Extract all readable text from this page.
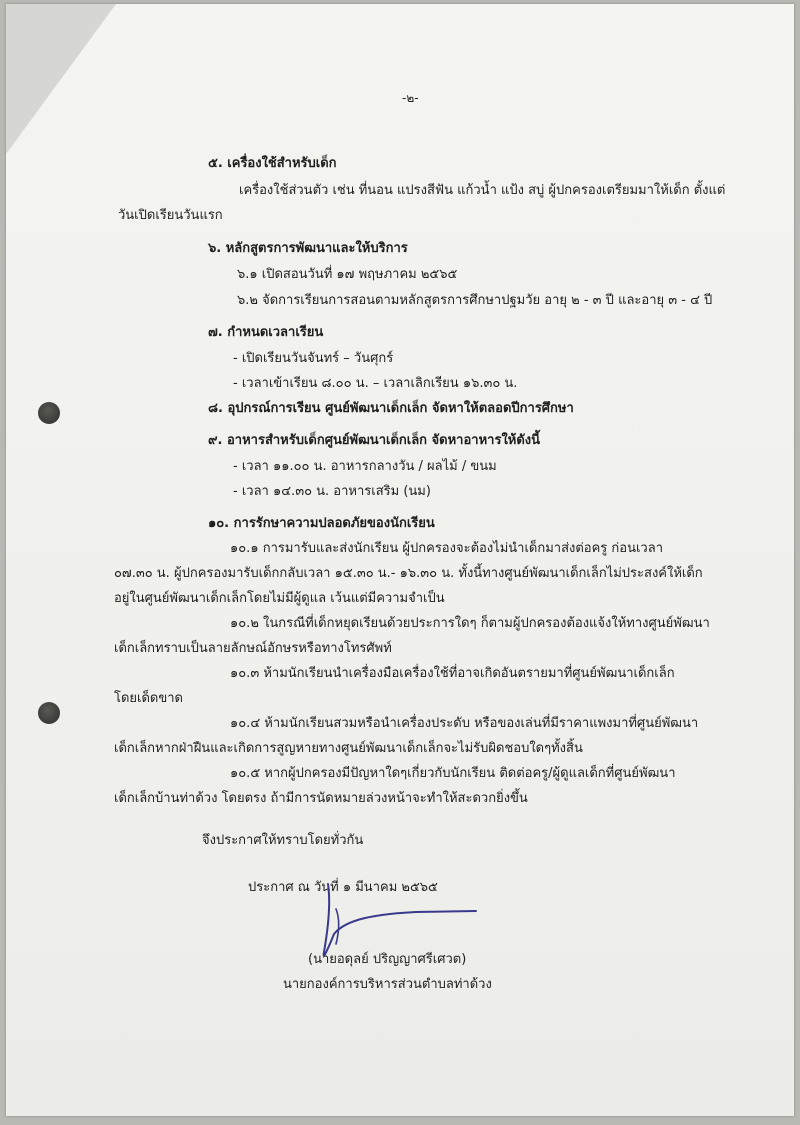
-๒-

๕. เครื่องใช้สำหรับเด็ก

เครื่องใช้ส่วนตัว เช่น ที่นอน แปรงสีฟัน แก้วน้ำ แป้ง สบู่ ผู้ปกครองเตรียมมาให้เด็ก ตั้งแต่

วันเปิดเรียนวันแรก

๖. หลักสูตรการพัฒนาและให้บริการ

๖.๑ เปิดสอนวันที่ ๑๗ พฤษภาคม ๒๕๖๕

๖.๒ จัดการเรียนการสอนตามหลักสูตรการศึกษาปฐมวัย อายุ ๒ - ๓ ปี และอายุ ๓ - ๔ ปี

๗. กำหนดเวลาเรียน

- เปิดเรียนวันจันทร์ – วันศุกร์

- เวลาเข้าเรียน ๘.๐๐ น. – เวลาเลิกเรียน ๑๖.๓๐ น.

๘. อุปกรณ์การเรียน ศูนย์พัฒนาเด็กเล็ก จัดหาให้ตลอดปีการศึกษา

๙. อาหารสำหรับเด็กศูนย์พัฒนาเด็กเล็ก จัดหาอาหารให้ดังนี้

- เวลา ๑๑.๐๐ น. อาหารกลางวัน / ผลไม้ / ขนม

- เวลา ๑๔.๓๐ น. อาหารเสริม (นม)

๑๐. การรักษาความปลอดภัยของนักเรียน

๑๐.๑ การมารับและส่งนักเรียน ผู้ปกครองจะต้องไม่นำเด็กมาส่งต่อครู ก่อนเวลา

๐๗.๓๐ น. ผู้ปกครองมารับเด็กกลับเวลา ๑๕.๓๐ น.- ๑๖.๓๐ น. ทั้งนี้ทางศูนย์พัฒนาเด็กเล็กไม่ประสงค์ให้เด็ก

อยู่ในศูนย์พัฒนาเด็กเล็กโดยไม่มีผู้ดูแล เว้นแต่มีความจำเป็น

๑๐.๒ ในกรณีที่เด็กหยุดเรียนด้วยประการใดๆ ก็ตามผู้ปกครองต้องแจ้งให้ทางศูนย์พัฒนา

เด็กเล็กทราบเป็นลายลักษณ์อักษรหรือทางโทรศัพท์

๑๐.๓ ห้ามนักเรียนนำเครื่องมือเครื่องใช้ที่อาจเกิดอันตรายมาที่ศูนย์พัฒนาเด็กเล็ก

โดยเด็ดขาด

๑๐.๔ ห้ามนักเรียนสวมหรือนำเครื่องประดับ หรือของเล่นที่มีราคาแพงมาที่ศูนย์พัฒนา

เด็กเล็กหากฝ่าฝืนและเกิดการสูญหายทางศูนย์พัฒนาเด็กเล็กจะไม่รับผิดชอบใดๆทั้งสิ้น

๑๐.๕ หากผู้ปกครองมีปัญหาใดๆเกี่ยวกับนักเรียน ติดต่อครู/ผู้ดูแลเด็กที่ศูนย์พัฒนา

เด็กเล็กบ้านท่าด้วง โดยตรง ถ้ามีการนัดหมายล่วงหน้าจะทำให้สะดวกยิ่งขึ้น

จึงประกาศให้ทราบโดยทั่วกัน

ประกาศ ณ วันที่ ๑ มีนาคม ๒๕๖๕

(นายอดุลย์ ปริญญาศรีเศวต)

นายกองค์การบริหารส่วนตำบลท่าด้วง
